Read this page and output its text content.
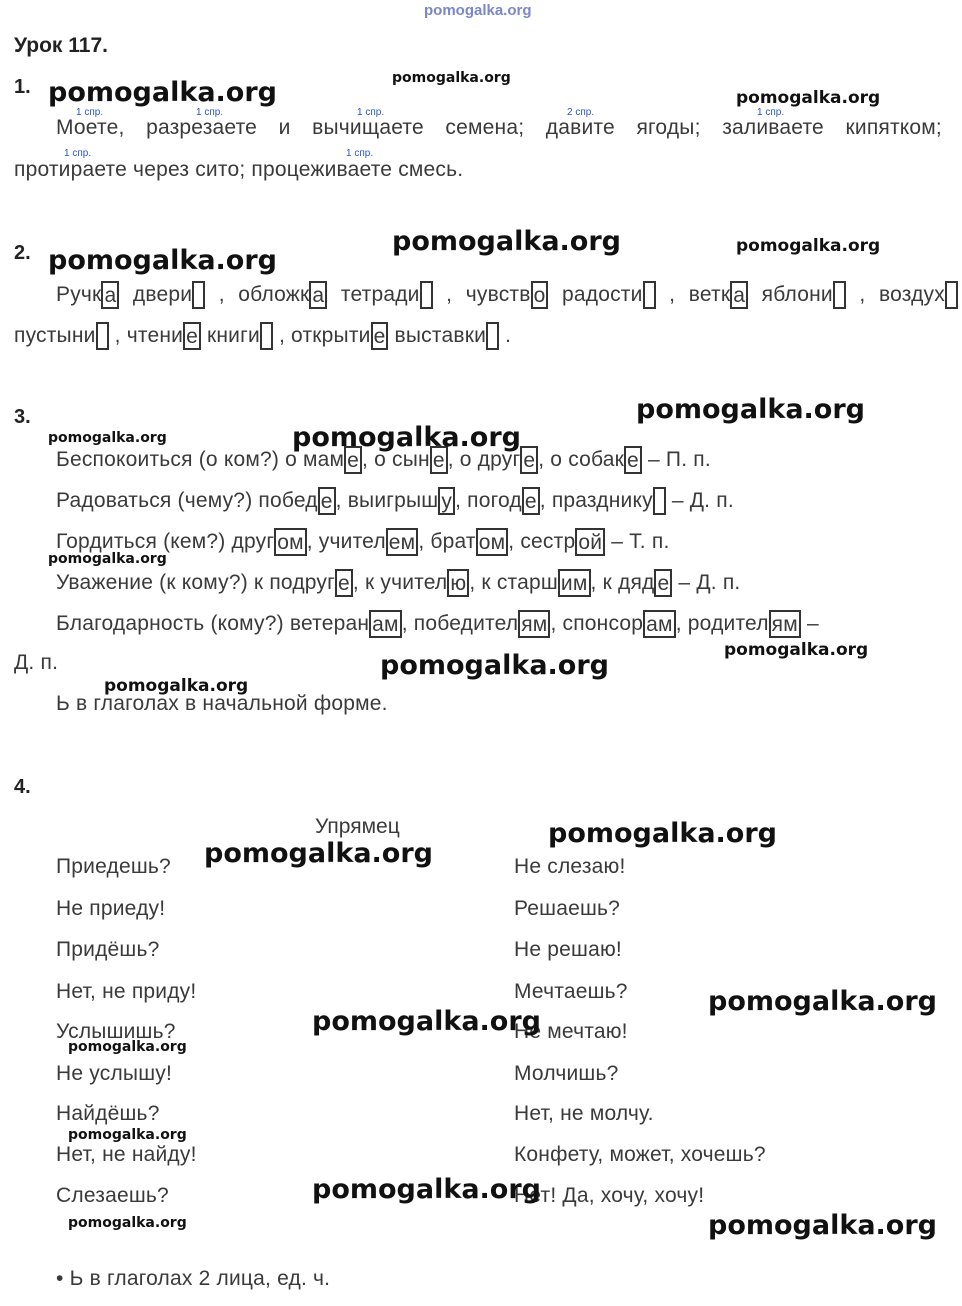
pomogalka.org
Урок 117.
1.
1 спр.	1 спр.	1 спр.	2 спр.	1 спр.
Моете, разрезаете и вычищаете семена; давите ягоды; заливаете кипятком;
1 спр.	1 спр.
протираете через сито; процеживаете смесь.
2.
Ручк а двери	, обложк а тетради	, чувств о радости	, ветк а яблони	, воздух
пустыни , чтени е книги , открыти е выставки .
3.
Беспокоиться (о ком?) о мам е , о сын е , о друг е , о собак е – П. п.
Радоваться (чему?) побед е , выигрыш у , погод е , празднику – Д. п.
Гордиться (кем?) друг ом , учител ем , брат ом , сестр ой – Т. п.
Уважение (к кому?) к подруг е , к учител ю , к старш им , к дяд е – Д. п.
Благодарность (кому?) ветеран ам , победител ям , спонсор ам , родител ям –
Д. п.
Ь в глаголах в начальной форме.
4.
Упрямец
Приедешь?
Не приеду!
Придёшь?
Нет, не приду!
Услышишь?
Не услышу!
Найдёшь?
Нет, не найду!
Слезаешь?
Не слезаю!
Решаешь?
Не решаю!
Мечтаешь?
Не мечтаю!
Молчишь?
Нет, не молчу.
Конфету, может, хочешь?
Нет! Да, хочу, хочу!
• Ь в глаголах 2 лица, ед. ч.
pomogalka.org	pomogalka.org
pomogalka.org
pomogalka.org
pomogalka.org	pomogalka.org
pomogalka.org
pomogalka.org	pomogalka.org
pomogalka.org
pomogalka.org
pomogalka.org
pomogalka.org
pomogalka.org
pomogalka.org
pomogalka.org
pomogalka.org
pomogalka.org
pomogalka.org
pomogalka.org
pomogalka.org
pomogalka.org
